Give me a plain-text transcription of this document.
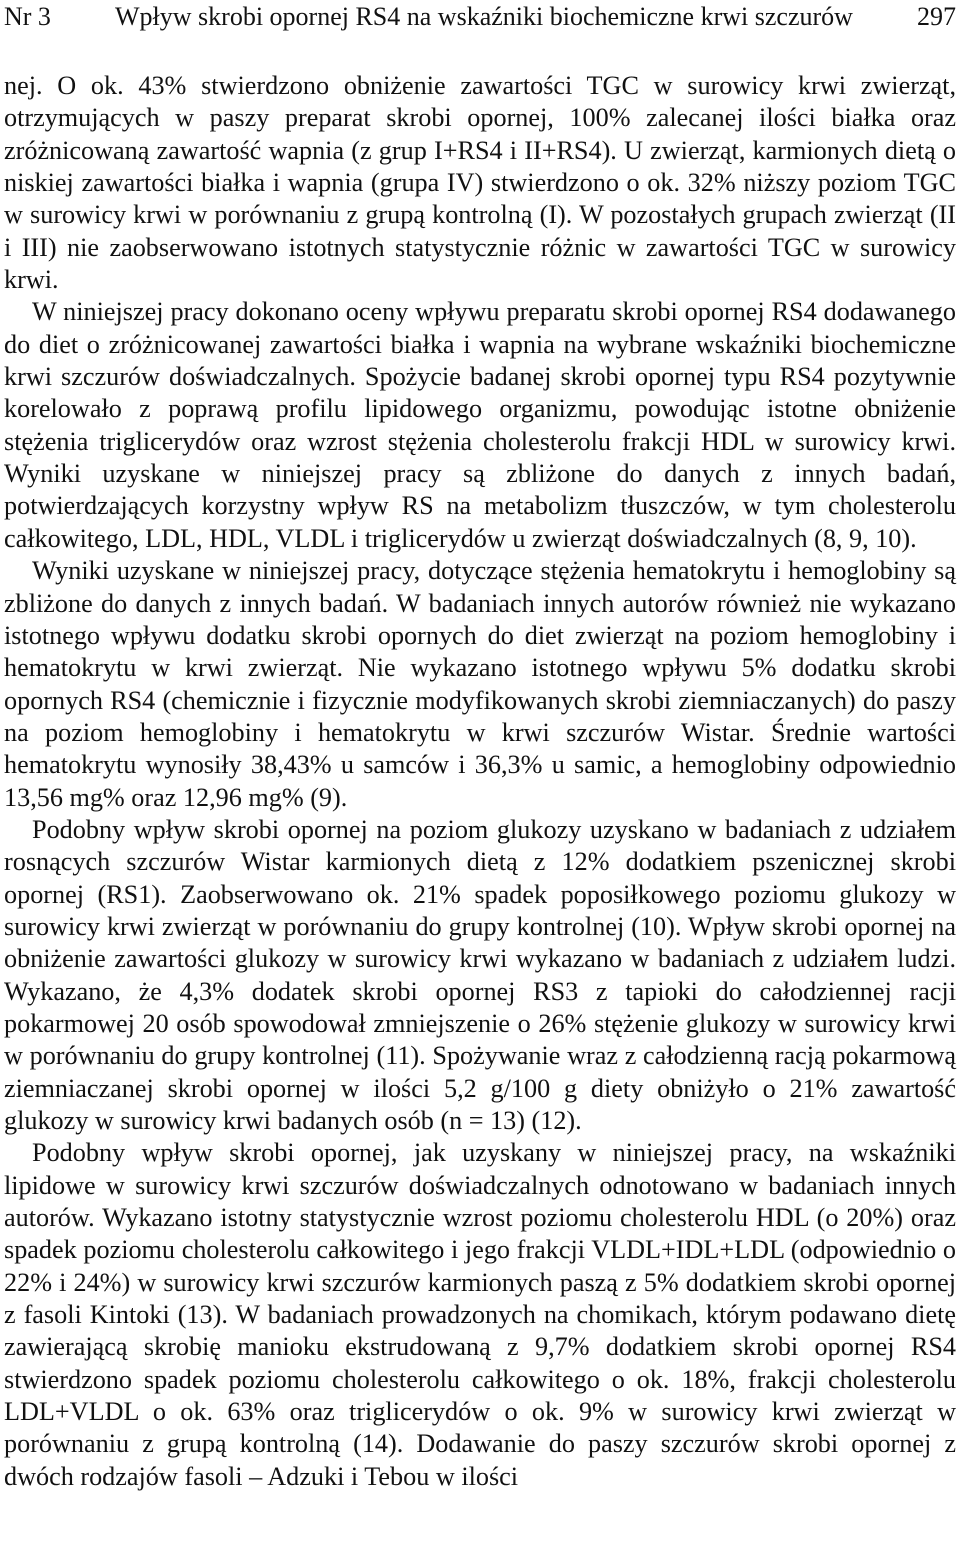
Nr 3	Wpływ skrobi opornej RS4 na wskaźniki biochemiczne krwi szczurów	297

nej. O ok. 43% stwierdzono obniżenie zawartości TGC w surowicy krwi zwierząt, otrzymujących w paszy preparat skrobi opornej, 100% zalecanej ilości białka oraz zróżnicowaną zawartość wapnia (z grup I+RS4 i II+RS4). U zwierząt, karmionych dietą o niskiej zawartości białka i wapnia (grupa IV) stwierdzono o ok. 32% niższy poziom TGC w surowicy krwi w porównaniu z grupą kontrolną (I). W pozostałych grupach zwierząt (II i III) nie zaobserwowano istotnych statystycznie różnic w zawartości TGC w surowicy krwi.

W niniejszej pracy dokonano oceny wpływu preparatu skrobi opornej RS4 dodawanego do diet o zróżnicowanej zawartości białka i wapnia na wybrane wskaźniki biochemiczne krwi szczurów doświadczalnych. Spożycie badanej skrobi opornej typu RS4 pozytywnie korelowało z poprawą profilu lipidowego organizmu, powodując istotne obniżenie stężenia triglicerydów oraz wzrost stężenia cholesterolu frakcji HDL w surowicy krwi. Wyniki uzyskane w niniejszej pracy są zbliżone do danych z innych badań, potwierdzających korzystny wpływ RS na metabolizm tłuszczów, w tym cholesterolu całkowitego, LDL, HDL, VLDL i triglicerydów u zwierząt doświadczalnych (8, 9, 10).

Wyniki uzyskane w niniejszej pracy, dotyczące stężenia hematokrytu i hemoglobiny są zbliżone do danych z innych badań. W badaniach innych autorów również nie wykazano istotnego wpływu dodatku skrobi opornych do diet zwierząt na poziom hemoglobiny i hematokrytu w krwi zwierząt. Nie wykazano istotnego wpływu 5% dodatku skrobi opornych RS4 (chemicznie i fizycznie modyfikowanych skrobi ziemniaczanych) do paszy na poziom hemoglobiny i hematokrytu w krwi szczurów Wistar. Średnie wartości hematokrytu wynosiły 38,43% u samców i 36,3% u samic, a hemoglobiny odpowiednio 13,56 mg% oraz 12,96 mg% (9).

Podobny wpływ skrobi opornej na poziom glukozy uzyskano w badaniach z udziałem rosnących szczurów Wistar karmionych dietą z 12% dodatkiem pszenicznej skrobi opornej (RS1). Zaobserwowano ok. 21% spadek poposiłkowego poziomu glukozy w surowicy krwi zwierząt w porównaniu do grupy kontrolnej (10). Wpływ skrobi opornej na obniżenie zawartości glukozy w surowicy krwi wykazano w badaniach z udziałem ludzi. Wykazano, że 4,3% dodatek skrobi opornej RS3 z tapioki do całodziennej racji pokarmowej 20 osób spowodował zmniejszenie o 26% stężenie glukozy w surowicy krwi w porównaniu do grupy kontrolnej (11). Spożywanie wraz z całodzienną racją pokarmową ziemniaczanej skrobi opornej w ilości 5,2 g/100 g diety obniżyło o 21% zawartość glukozy w surowicy krwi badanych osób (n = 13) (12).

Podobny wpływ skrobi opornej, jak uzyskany w niniejszej pracy, na wskaźniki lipidowe w surowicy krwi szczurów doświadczalnych odnotowano w badaniach innych autorów. Wykazano istotny statystycznie wzrost poziomu cholesterolu HDL (o 20%) oraz spadek poziomu cholesterolu całkowitego i jego frakcji VLDL+IDL+LDL (odpowiednio o 22% i 24%) w surowicy krwi szczurów karmionych paszą z 5% dodatkiem skrobi opornej z fasoli Kintoki (13). W badaniach prowadzonych na chomikach, którym podawano dietę zawierającą skrobię manioku ekstrudowaną z 9,7% dodatkiem skrobi opornej RS4 stwierdzono spadek poziomu cholesterolu całkowitego o ok. 18%, frakcji cholesterolu LDL+VLDL o ok. 63% oraz triglicerydów o ok. 9% w surowicy krwi zwierząt w porównaniu z grupą kontrolną (14). Dodawanie do paszy szczurów skrobi opornej z dwóch rodzajów fasoli – Adzuki i Tebou w ilości
